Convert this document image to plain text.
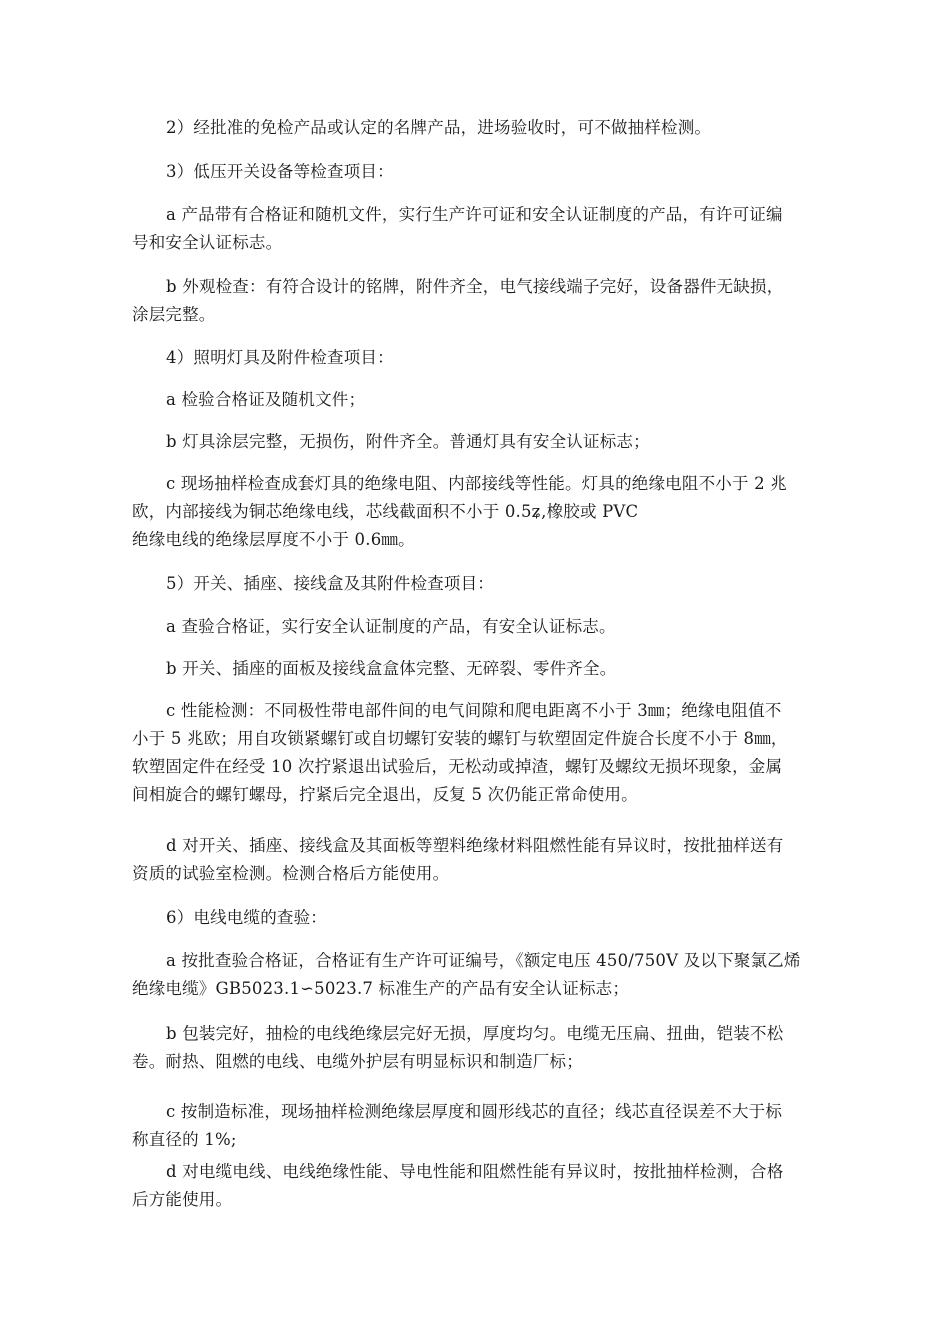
2）经批准的免检产品或认定的名牌产品，进场验收时，可不做抽样检测。

3）低压开关设备等检查项目：

a 产品带有合格证和随机文件，实行生产许可证和安全认证制度的产品，有许可证编
号和安全认证标志。

b 外观检查：有符合设计的铭牌，附件齐全，电气接线端子完好，设备器件无缺损，
涂层完整。

4）照明灯具及附件检查项目：

a 检验合格证及随机文件；

b 灯具涂层完整，无损伤，附件齐全。普通灯具有安全认证标志；

c 现场抽样检查成套灯具的绝缘电阻、内部接线等性能。灯具的绝缘电阻不小于 2 兆
欧，内部接线为铜芯绝缘电线，芯线截面积不小于 0.5ʑ,橡胶或 PVC
绝缘电线的绝缘层厚度不小于 0.6㎜。

5）开关、插座、接线盒及其附件检查项目：

a 查验合格证，实行安全认证制度的产品，有安全认证标志。

b 开关、插座的面板及接线盒盒体完整、无碎裂、零件齐全。

c 性能检测：不同极性带电部件间的电气间隙和爬电距离不小于 3㎜；绝缘电阻值不
小于 5 兆欧；用自攻锁紧螺钉或自切螺钉安装的螺钉与软塑固定件旋合长度不小于 8㎜，
软塑固定件在经受 10 次拧紧退出试验后，无松动或掉渣，螺钉及螺纹无损坏现象，金属
间相旋合的螺钉螺母，拧紧后完全退出，反复 5 次仍能正常命使用。

d 对开关、插座、接线盒及其面板等塑料绝缘材料阻燃性能有异议时，按批抽样送有
资质的试验室检测。检测合格后方能使用。

6）电线电缆的查验：

a 按批查验合格证，合格证有生产许可证编号，《额定电压 450/750V 及以下聚氯乙烯
绝缘电缆》GB5023.1∽5023.7 标准生产的产品有安全认证标志；

b 包装完好，抽检的电线绝缘层完好无损，厚度均匀。电缆无压扁、扭曲，铠装不松
卷。耐热、阻燃的电线、电缆外护层有明显标识和制造厂标；

c 按制造标准，现场抽样检测绝缘层厚度和圆形线芯的直径；线芯直径误差不大于标
称直径的 1%;

d 对电缆电线、电线绝缘性能、导电性能和阻燃性能有异议时，按批抽样检测，合格
后方能使用。
